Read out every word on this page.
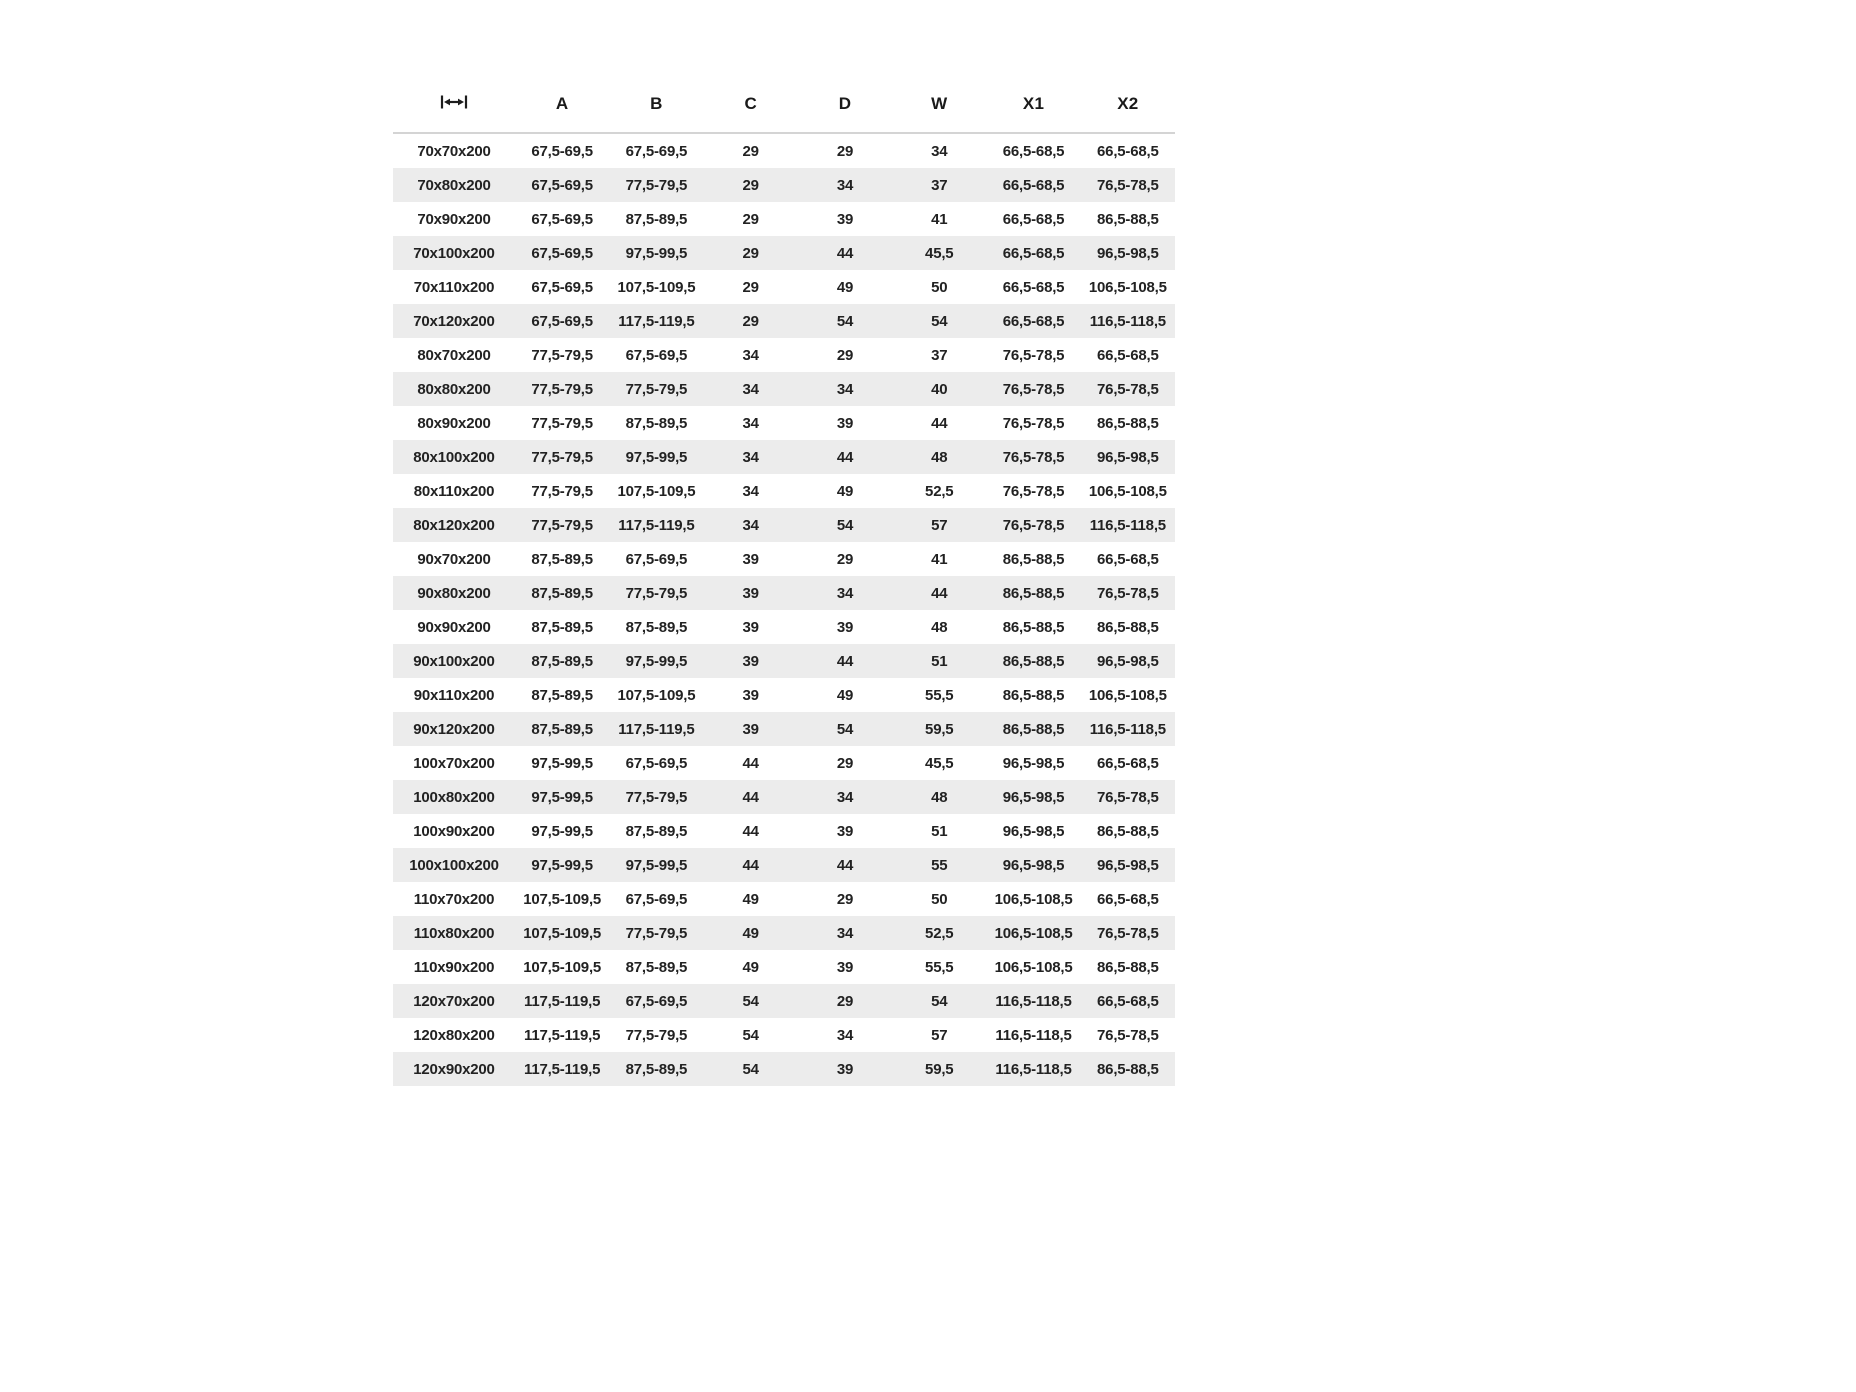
	A	B	C	D	W	X1	X2
70x70x200	67,5-69,5	67,5-69,5	29	29	34	66,5-68,5	66,5-68,5
70x80x200	67,5-69,5	77,5-79,5	29	34	37	66,5-68,5	76,5-78,5
70x90x200	67,5-69,5	87,5-89,5	29	39	41	66,5-68,5	86,5-88,5
70x100x200	67,5-69,5	97,5-99,5	29	44	45,5	66,5-68,5	96,5-98,5
70x110x200	67,5-69,5	107,5-109,5	29	49	50	66,5-68,5	106,5-108,5
70x120x200	67,5-69,5	117,5-119,5	29	54	54	66,5-68,5	116,5-118,5
80x70x200	77,5-79,5	67,5-69,5	34	29	37	76,5-78,5	66,5-68,5
80x80x200	77,5-79,5	77,5-79,5	34	34	40	76,5-78,5	76,5-78,5
80x90x200	77,5-79,5	87,5-89,5	34	39	44	76,5-78,5	86,5-88,5
80x100x200	77,5-79,5	97,5-99,5	34	44	48	76,5-78,5	96,5-98,5
80x110x200	77,5-79,5	107,5-109,5	34	49	52,5	76,5-78,5	106,5-108,5
80x120x200	77,5-79,5	117,5-119,5	34	54	57	76,5-78,5	116,5-118,5
90x70x200	87,5-89,5	67,5-69,5	39	29	41	86,5-88,5	66,5-68,5
90x80x200	87,5-89,5	77,5-79,5	39	34	44	86,5-88,5	76,5-78,5
90x90x200	87,5-89,5	87,5-89,5	39	39	48	86,5-88,5	86,5-88,5
90x100x200	87,5-89,5	97,5-99,5	39	44	51	86,5-88,5	96,5-98,5
90x110x200	87,5-89,5	107,5-109,5	39	49	55,5	86,5-88,5	106,5-108,5
90x120x200	87,5-89,5	117,5-119,5	39	54	59,5	86,5-88,5	116,5-118,5
100x70x200	97,5-99,5	67,5-69,5	44	29	45,5	96,5-98,5	66,5-68,5
100x80x200	97,5-99,5	77,5-79,5	44	34	48	96,5-98,5	76,5-78,5
100x90x200	97,5-99,5	87,5-89,5	44	39	51	96,5-98,5	86,5-88,5
100x100x200	97,5-99,5	97,5-99,5	44	44	55	96,5-98,5	96,5-98,5
110x70x200	107,5-109,5	67,5-69,5	49	29	50	106,5-108,5	66,5-68,5
110x80x200	107,5-109,5	77,5-79,5	49	34	52,5	106,5-108,5	76,5-78,5
110x90x200	107,5-109,5	87,5-89,5	49	39	55,5	106,5-108,5	86,5-88,5
120x70x200	117,5-119,5	67,5-69,5	54	29	54	116,5-118,5	66,5-68,5
120x80x200	117,5-119,5	77,5-79,5	54	34	57	116,5-118,5	76,5-78,5
120x90x200	117,5-119,5	87,5-89,5	54	39	59,5	116,5-118,5	86,5-88,5
